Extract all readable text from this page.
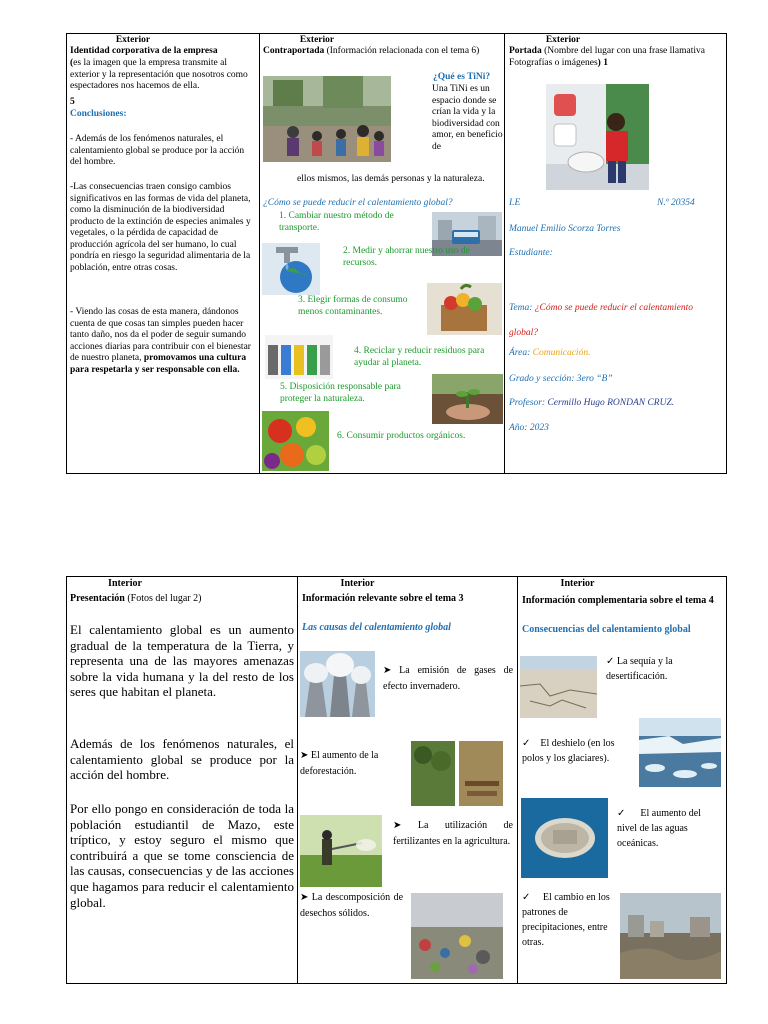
Exterior
Identidad corporativa de la empresa
(es la imagen que la empresa transmite al exterior y la representación que nosotros como espectadores nos hacemos de ella.
5
Conclusiones:
- Además de los fenómenos naturales, el calentamiento global se produce por la acción del hombre.
-Las consecuencias traen consigo cambios significativos en las formas de vida del planeta, como la disminución de la biodiversidad producto de la extinción de especies animales y vegetales, o la pérdida de capacidad de producción agrícola del ser humano, lo cual pondría en riesgo la seguridad alimentaria de la población, entre otras cosas.
- Viendo las cosas de esta manera, dándonos cuenta de que cosas tan simples pueden hacer tanto daño, nos da el poder de seguir sumando acciones diarias para contribuir con el bienestar de nuestro planeta, promovamos una cultura para respetarla y ser responsable con ella.
Exterior
Contraportada (Información relacionada con el tema 6)
¿Qué es TiNi?
Una TiNi es un espacio donde se crían la vida y la biodiversidad con amor, en beneficio de
ellos mismos, las demás personas y la naturaleza.
¿Cómo se puede reducir el calentamiento global?
1. Cambiar nuestro método de transporte.
2. Medir y ahorrar nuestro uso de recursos.
3. Elegir formas de consumo menos contaminantes.
4. Reciclar y reducir residuos para ayudar al planeta.
5. Disposición responsable para proteger la naturaleza.
6. Consumir productos orgánicos.
Exterior
Portada (Nombre del lugar con una frase llamativa Fotografías o imágenes) 1
I.E	N.º 20354
Manuel Emilio Scorza Torres
Estudiante:
Tema: ¿Cómo se puede reducir el calentamiento global?
Área: Comunicación.
Grado y sección: 3ero “B”
Profesor: Cermillo Hugo RONDAN CRUZ.
Año: 2023
Interior
Presentación (Fotos del lugar 2)
El calentamiento global es un aumento gradual de la temperatura de la Tierra, y representa una de las mayores amenazas sobre la vida humana y la del resto de los seres que habitan el planeta.
Además de los fenómenos naturales, el calentamiento global se produce por la acción del hombre.
Por ello pongo en consideración de toda la población estudiantil de Mazo, este tríptico, y estoy seguro el mismo que contribuirá a que se tome consciencia de las causas, consecuencias y de las acciones que hagamos para reducir el calentamiento global.
Interior
Información relevante sobre el tema 3
Las causas del calentamiento global
➤ La emisión de gases de efecto invernadero.
➤ El aumento de la deforestación.
➤ La utilización de fertilizantes en la agricultura.
➤ La descomposición de desechos sólidos.
Interior
Información complementaria sobre el tema 4
Consecuencias del calentamiento global
✓ La sequía y la desertificación.
✓ El deshielo (en los polos y los glaciares).
✓ El aumento del nivel de las aguas oceánicas.
✓ El cambio en los patrones de precipitaciones, entre otras.
